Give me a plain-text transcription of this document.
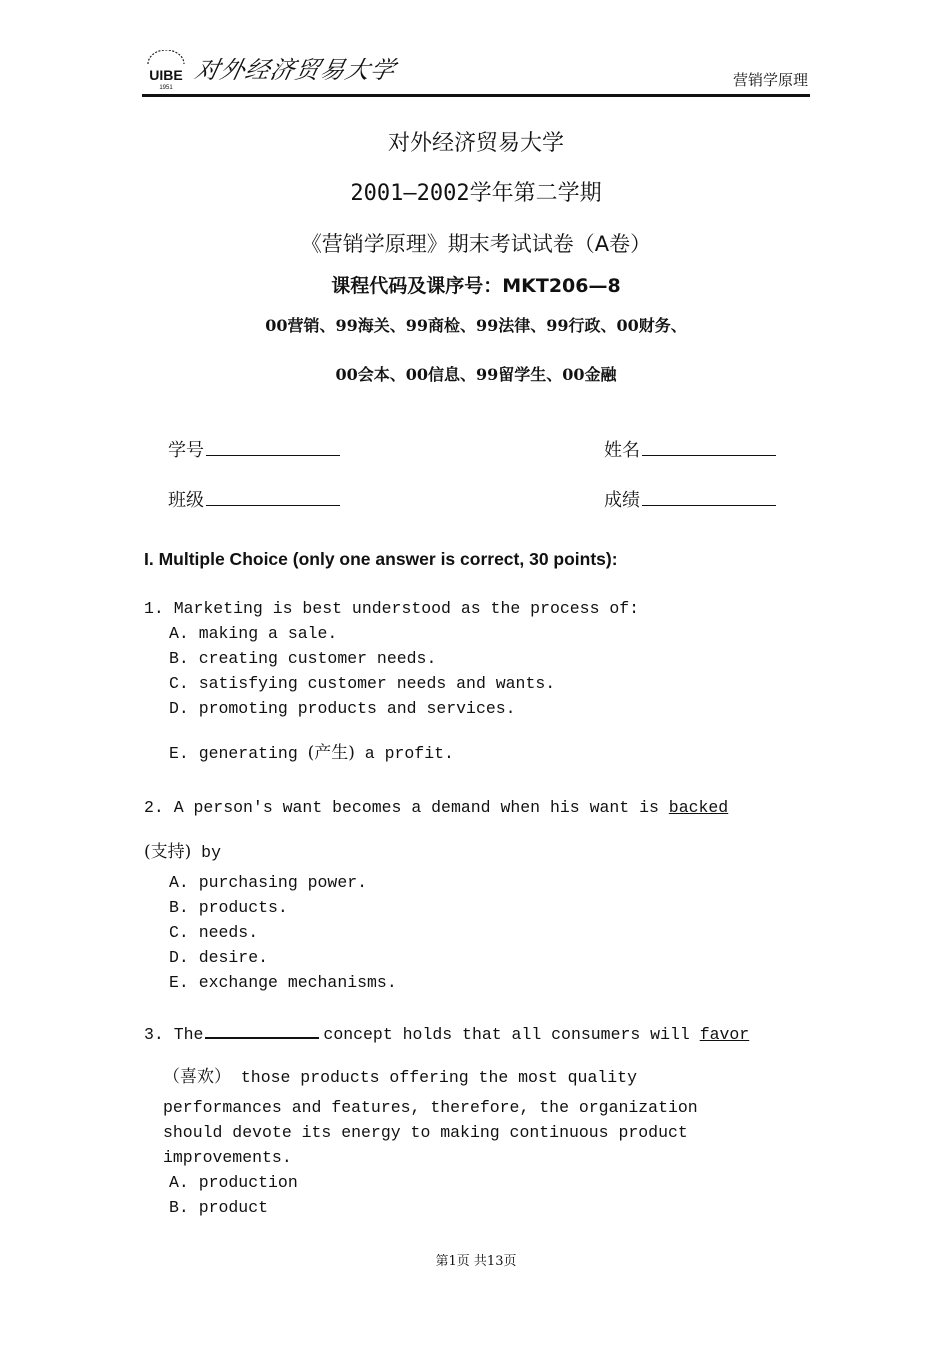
UIBE
1951
对外经济贸易大学	营销学原理
对外经济贸易大学
2001—2002学年第二学期
《营销学原理》期末考试试卷（A卷）
课程代码及课序号：MKT206—8
00营销、99海关、99商检、99法律、99行政、00财务、
00会本、00信息、99留学生、00金融
学号	姓名
班级	成绩
I. Multiple Choice (only one answer is correct, 30 points):
1. Marketing is best understood as the process of:
A. making a sale.
B. creating customer needs.
C. satisfying customer needs and wants.
D. promoting products and services.
E. generating (产生) a profit.
2. A person's want becomes a demand when his want is backed
(支持) by
A. purchasing power.
B. products.
C. needs.
D. desire.
E. exchange mechanisms.
3. The	concept holds that all consumers will favor
（喜欢） those products offering the most quality
performances and features, therefore, the organization
should devote its energy to making continuous product
improvements.
A. production
B. product
第1页 共13页
